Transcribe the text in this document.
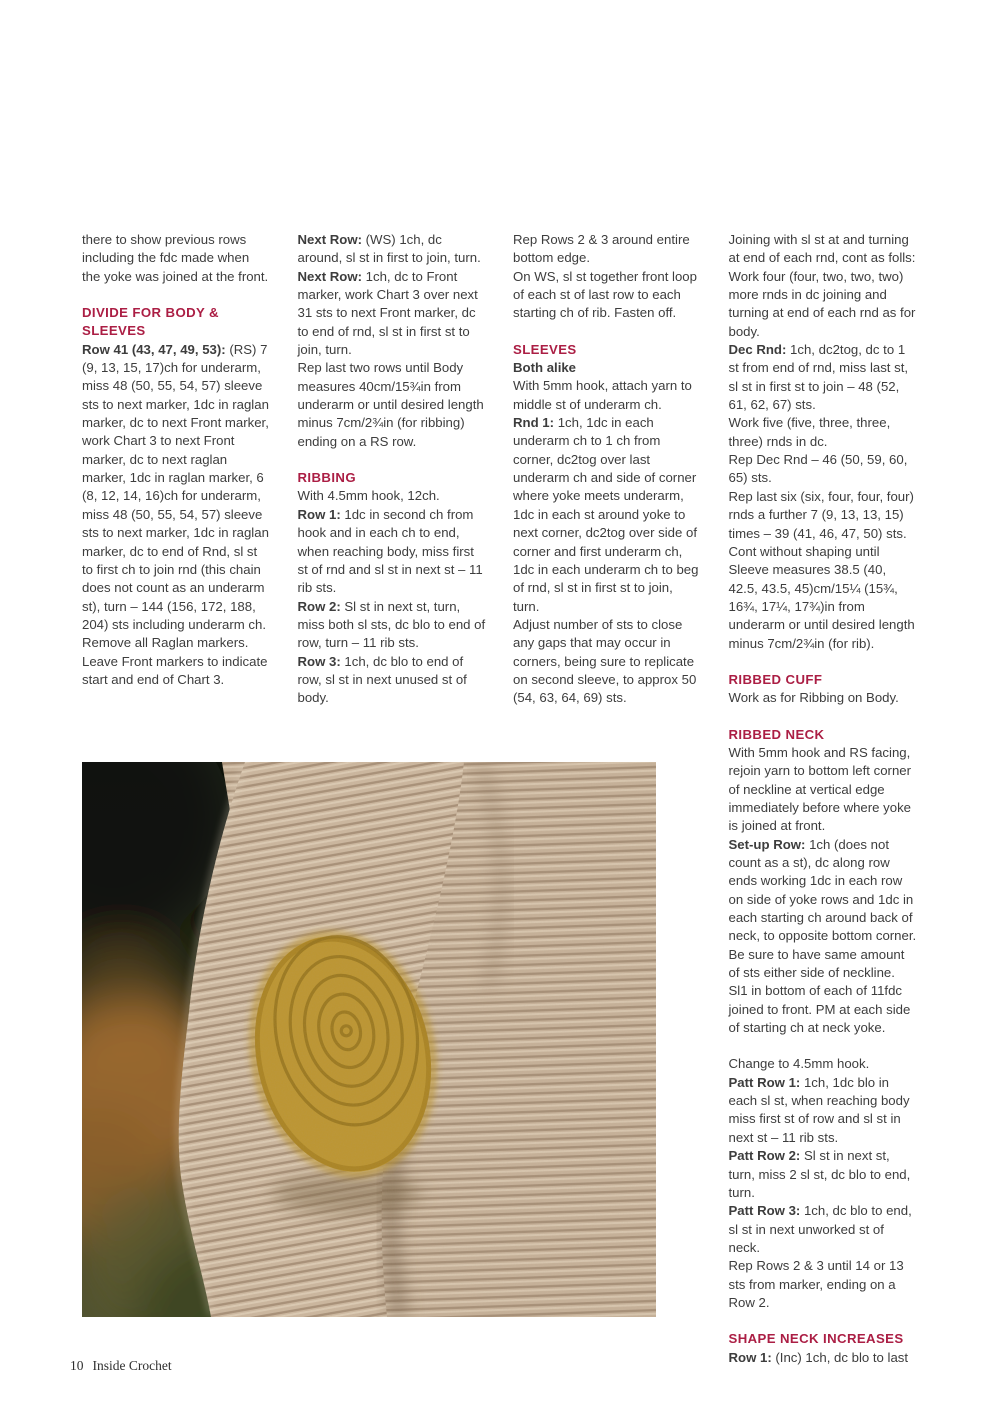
there to show previous rows including the fdc made when the yoke was joined at the front.

DIVIDE FOR BODY & SLEEVES

Row 41 (43, 47, 49, 53): (RS) 7 (9, 13, 15, 17)ch for underarm, miss 48 (50, 55, 54, 57) sleeve sts to next marker, 1dc in raglan marker, dc to next Front marker, work Chart 3 to next Front marker, dc to next raglan marker, 1dc in raglan marker, 6 (8, 12, 14, 16)ch for underarm, miss 48 (50, 55, 54, 57) sleeve sts to next marker, 1dc in raglan marker, dc to end of Rnd, sl st to first ch to join rnd (this chain does not count as an underarm st), turn – 144 (156, 172, 188, 204) sts including underarm ch. Remove all Raglan markers. Leave Front markers to indicate start and end of Chart 3.

Next Row: (WS) 1ch, dc around, sl st in first to join, turn.

Next Row: 1ch, dc to Front marker, work Chart 3 over next 31 sts to next Front marker, dc to end of rnd, sl st in first st to join, turn.

Rep last two rows until Body measures 40cm/15¾in from underarm or until desired length minus 7cm/2¾in (for ribbing) ending on a RS row.

RIBBING

With 4.5mm hook, 12ch.

Row 1: 1dc in second ch from hook and in each ch to end, when reaching body, miss first st of rnd and sl st in next st – 11 rib sts.

Row 2: Sl st in next st, turn, miss both sl sts, dc blo to end of row, turn – 11 rib sts.

Row 3: 1ch, dc blo to end of row, sl st in next unused st of body.

Rep Rows 2 & 3 around entire bottom edge.

On WS, sl st together front loop of each st of last row to each starting ch of rib. Fasten off.

SLEEVES

Both alike

With 5mm hook, attach yarn to middle st of underarm ch.

Rnd 1: 1ch, 1dc in each underarm ch to 1 ch from corner, dc2tog over last underarm ch and side of corner where yoke meets underarm, 1dc in each st around yoke to next corner, dc2tog over side of corner and first underarm ch, 1dc in each underarm ch to beg of rnd, sl st in first st to join, turn.

Adjust number of sts to close any gaps that may occur in corners, being sure to replicate on second sleeve, to approx 50 (54, 63, 64, 69) sts.

Joining with sl st at and turning at end of each rnd, cont as folls: Work four (four, two, two, two) more rnds in dc joining and turning at end of each rnd as for body.

Dec Rnd: 1ch, dc2tog, dc to 1 st from end of rnd, miss last st, sl st in first st to join – 48 (52, 61, 62, 67) sts.

Work five (five, three, three, three) rnds in dc.

Rep Dec Rnd – 46 (50, 59, 60, 65) sts.

Rep last six (six, four, four, four) rnds a further 7 (9, 13, 13, 15) times – 39 (41, 46, 47, 50) sts.

Cont without shaping until Sleeve measures 38.5 (40, 42.5, 43.5, 45)cm/15¼ (15¾, 16¾, 17¼, 17¾)in from underarm or until desired length minus 7cm/2¾in (for rib).

RIBBED CUFF

Work as for Ribbing on Body.

RIBBED NECK

With 5mm hook and RS facing, rejoin yarn to bottom left corner of neckline at vertical edge immediately before where yoke is joined at front.

Set-up Row: 1ch (does not count as a st), dc along row ends working 1dc in each row on side of yoke rows and 1dc in each starting ch around back of neck, to opposite bottom corner. Be sure to have same amount of sts either side of neckline. Sl1 in bottom of each of 11fdc joined to front. PM at each side of starting ch at neck yoke.

Change to 4.5mm hook.

Patt Row 1: 1ch, 1dc blo in each sl st, when reaching body miss first st of row and sl st in next st – 11 rib sts.

Patt Row 2: Sl st in next st, turn, miss 2 sl st, dc blo to end, turn.

Patt Row 3: 1ch, dc blo to end, sl st in next unworked st of neck.

Rep Rows 2 & 3 until 14 or 13 sts from marker, ending on a Row 2.

SHAPE NECK INCREASES

Row 1: (Inc) 1ch, dc blo to last

10 Inside Crochet
